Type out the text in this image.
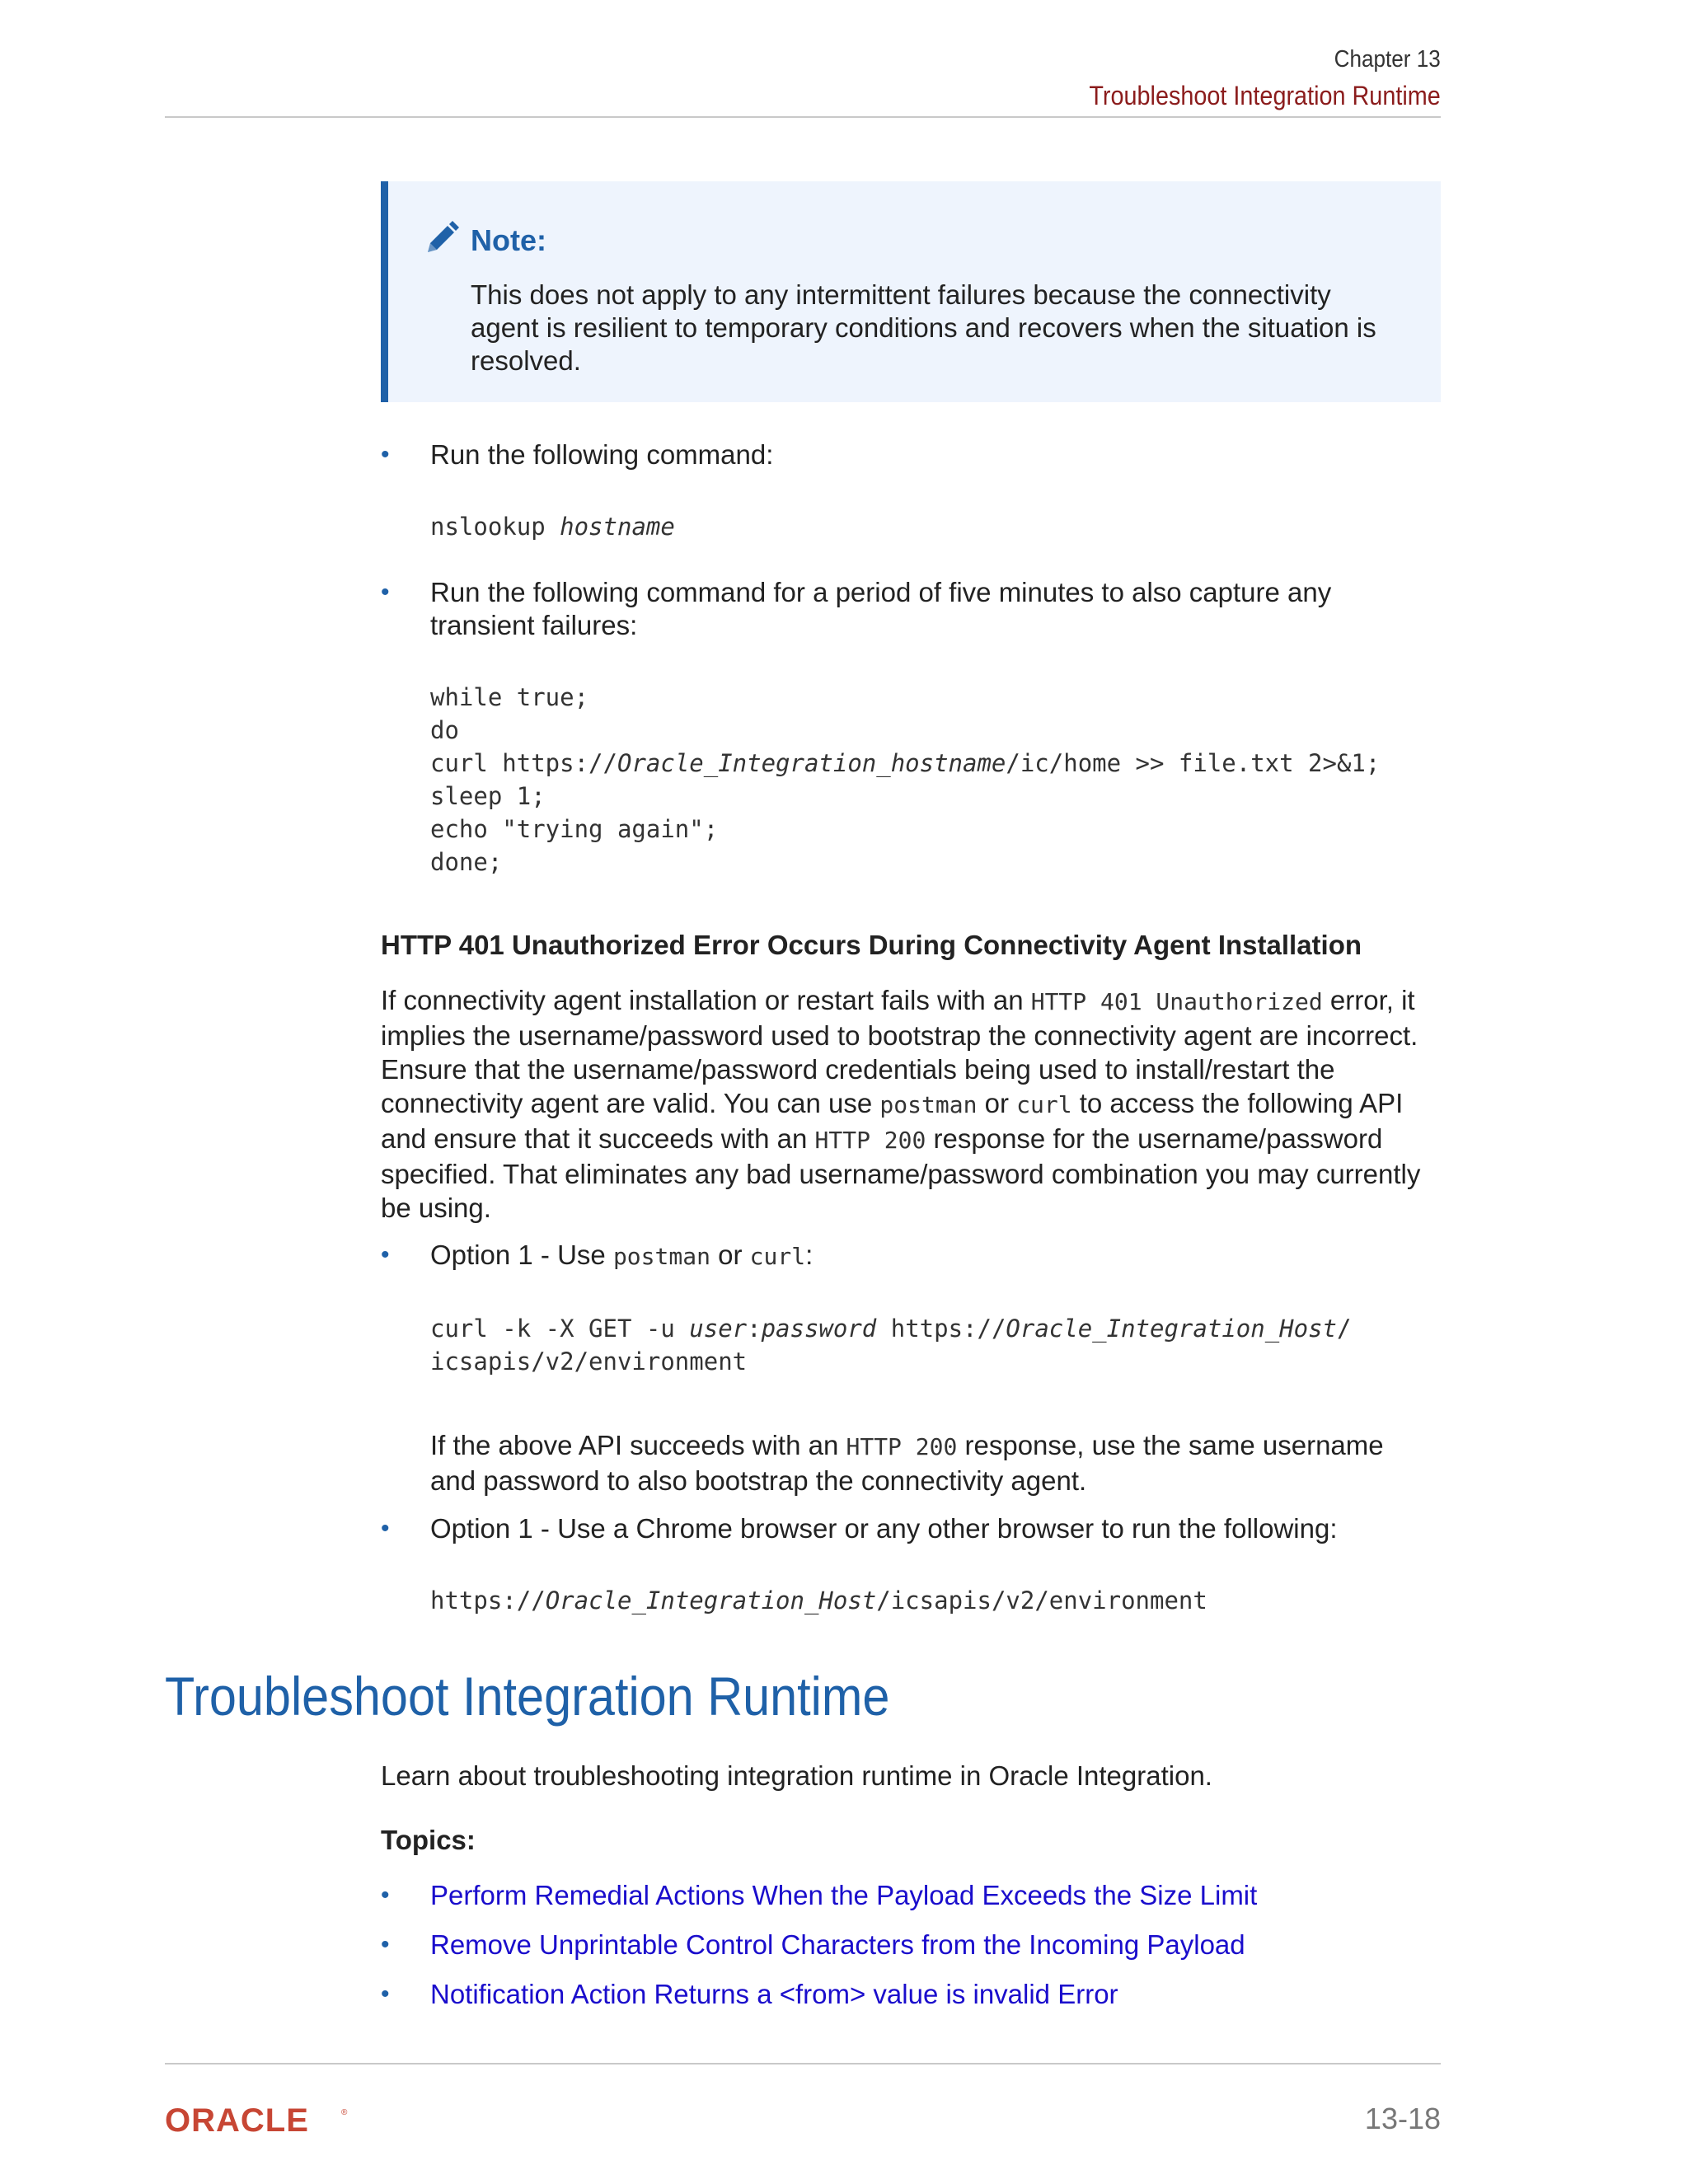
Chapter 13
Troubleshoot Integration Runtime
Note:
This does not apply to any intermittent failures because the connectivity agent is resilient to temporary conditions and recovers when the situation is resolved.
• Run the following command:
nslookup hostname
• Run the following command for a period of five minutes to also capture any transient failures:
while true;
do
curl https://Oracle_Integration_hostname/ic/home >> file.txt 2>&1;
sleep 1;
echo "trying again";
done;
HTTP 401 Unauthorized Error Occurs During Connectivity Agent Installation
If connectivity agent installation or restart fails with an HTTP 401 Unauthorized error, it implies the username/password used to bootstrap the connectivity agent are incorrect. Ensure that the username/password credentials being used to install/restart the connectivity agent are valid. You can use postman or curl to access the following API and ensure that it succeeds with an HTTP 200 response for the username/password specified. That eliminates any bad username/password combination you may currently be using.
• Option 1 - Use postman or curl:
curl -k -X GET -u user:password https://Oracle_Integration_Host/
icsapis/v2/environment
If the above API succeeds with an HTTP 200 response, use the same username and password to also bootstrap the connectivity agent.
• Option 1 - Use a Chrome browser or any other browser to run the following:
https://Oracle_Integration_Host/icsapis/v2/environment
Troubleshoot Integration Runtime
Learn about troubleshooting integration runtime in Oracle Integration.
Topics:
• Perform Remedial Actions When the Payload Exceeds the Size Limit
• Remove Unprintable Control Characters from the Incoming Payload
• Notification Action Returns a <from> value is invalid Error
ORACLE	®	13-18
